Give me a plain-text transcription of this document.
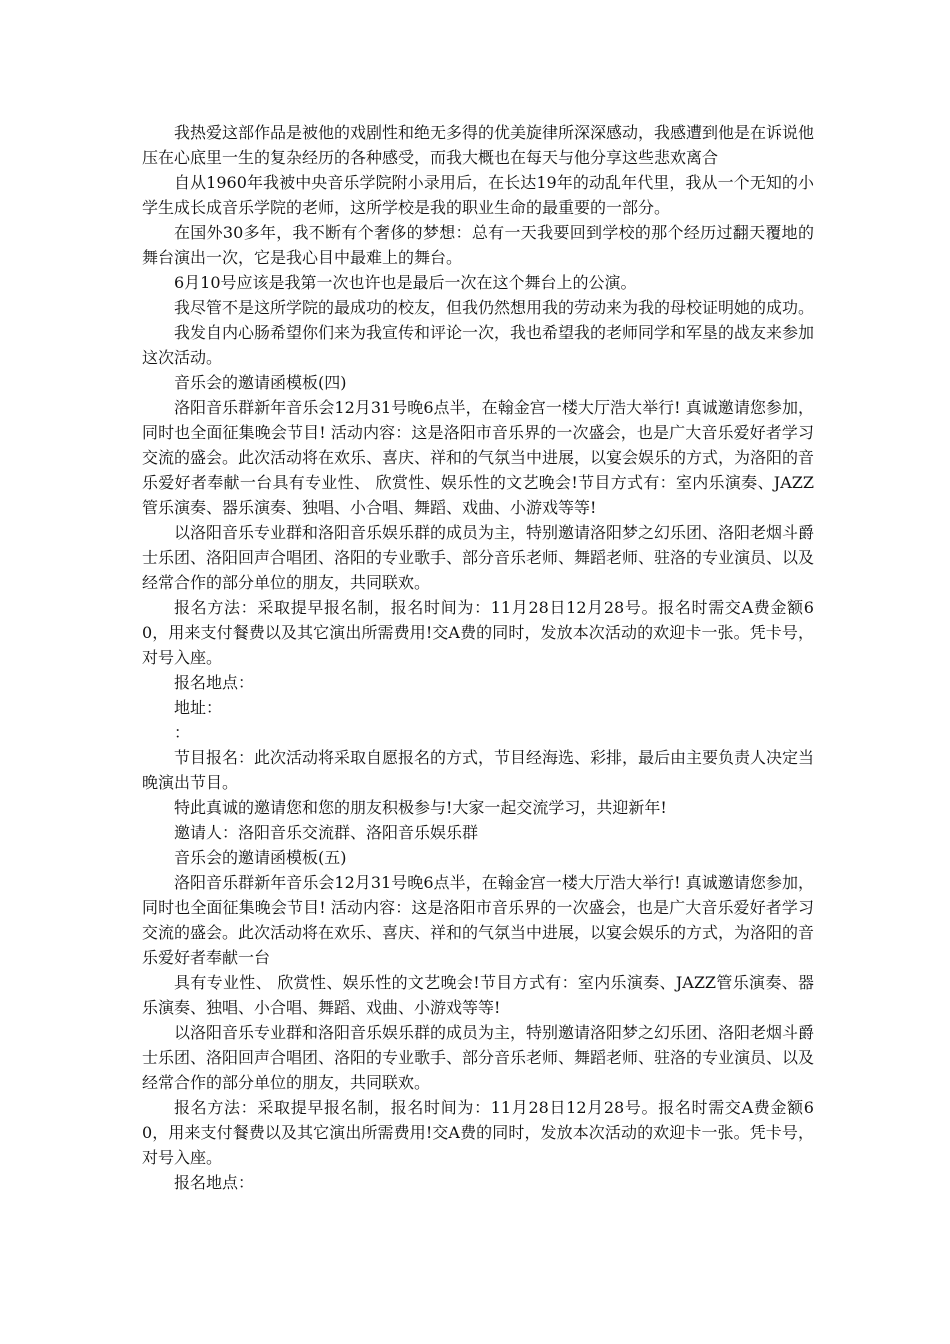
我热爱这部作品是被他的戏剧性和绝无多得的优美旋律所深深感动，我感遭到他是在诉说他压在心底里一生的复杂经历的各种感受，而我大概也在每天与他分享这些悲欢离合

自从1960年我被中央音乐学院附小录用后，在长达19年的动乱年代里，我从一个无知的小学生成长成音乐学院的老师，这所学校是我的职业生命的最重要的一部分。

在国外30多年，我不断有个奢侈的梦想：总有一天我要回到学校的那个经历过翻天覆地的舞台演出一次，它是我心目中最难上的舞台。

6月10号应该是我第一次也许也是最后一次在这个舞台上的公演。

我尽管不是这所学院的最成功的校友，但我仍然想用我的劳动来为我的母校证明她的成功。

我发自内心肠希望你们来为我宣传和评论一次，我也希望我的老师同学和军垦的战友来参加这次活动。

音乐会的邀请函模板(四)

洛阳音乐群新年音乐会12月31号晚6点半，在翰金宫一楼大厅浩大举行! 真诚邀请您参加，同时也全面征集晚会节目! 活动内容：这是洛阳市音乐界的一次盛会，也是广大音乐爱好者学习交流的盛会。此次活动将在欢乐、喜庆、祥和的气氛当中进展，以宴会娱乐的方式，为洛阳的音乐爱好者奉献一台具有专业性、 欣赏性、娱乐性的文艺晚会!节目方式有：室内乐演奏、JAZZ管乐演奏、器乐演奏、独唱、小合唱、舞蹈、戏曲、小游戏等等!

以洛阳音乐专业群和洛阳音乐娱乐群的成员为主，特别邀请洛阳梦之幻乐团、洛阳老烟斗爵士乐团、洛阳回声合唱团、洛阳的专业歌手、部分音乐老师、舞蹈老师、驻洛的专业演员、以及经常合作的部分单位的朋友，共同联欢。

报名方法：采取提早报名制，报名时间为：11月28日12月28号。报名时需交A费金额60，用来支付餐费以及其它演出所需费用!交A费的同时，发放本次活动的欢迎卡一张。凭卡号，对号入座。

报名地点：

地址：

：

节目报名：此次活动将采取自愿报名的方式，节目经海选、彩排，最后由主要负责人决定当晚演出节目。

特此真诚的邀请您和您的朋友积极参与!大家一起交流学习，共迎新年!

邀请人：洛阳音乐交流群、洛阳音乐娱乐群

音乐会的邀请函模板(五)

洛阳音乐群新年音乐会12月31号晚6点半，在翰金宫一楼大厅浩大举行! 真诚邀请您参加，同时也全面征集晚会节目! 活动内容：这是洛阳市音乐界的一次盛会，也是广大音乐爱好者学习交流的盛会。此次活动将在欢乐、喜庆、祥和的气氛当中进展，以宴会娱乐的方式，为洛阳的音乐爱好者奉献一台

具有专业性、 欣赏性、娱乐性的文艺晚会!节目方式有：室内乐演奏、JAZZ管乐演奏、器乐演奏、独唱、小合唱、舞蹈、戏曲、小游戏等等!

以洛阳音乐专业群和洛阳音乐娱乐群的成员为主，特别邀请洛阳梦之幻乐团、洛阳老烟斗爵士乐团、洛阳回声合唱团、洛阳的专业歌手、部分音乐老师、舞蹈老师、驻洛的专业演员、以及经常合作的部分单位的朋友，共同联欢。

报名方法：采取提早报名制，报名时间为：11月28日12月28号。报名时需交A费金额60，用来支付餐费以及其它演出所需费用!交A费的同时，发放本次活动的欢迎卡一张。凭卡号，对号入座。

报名地点：
